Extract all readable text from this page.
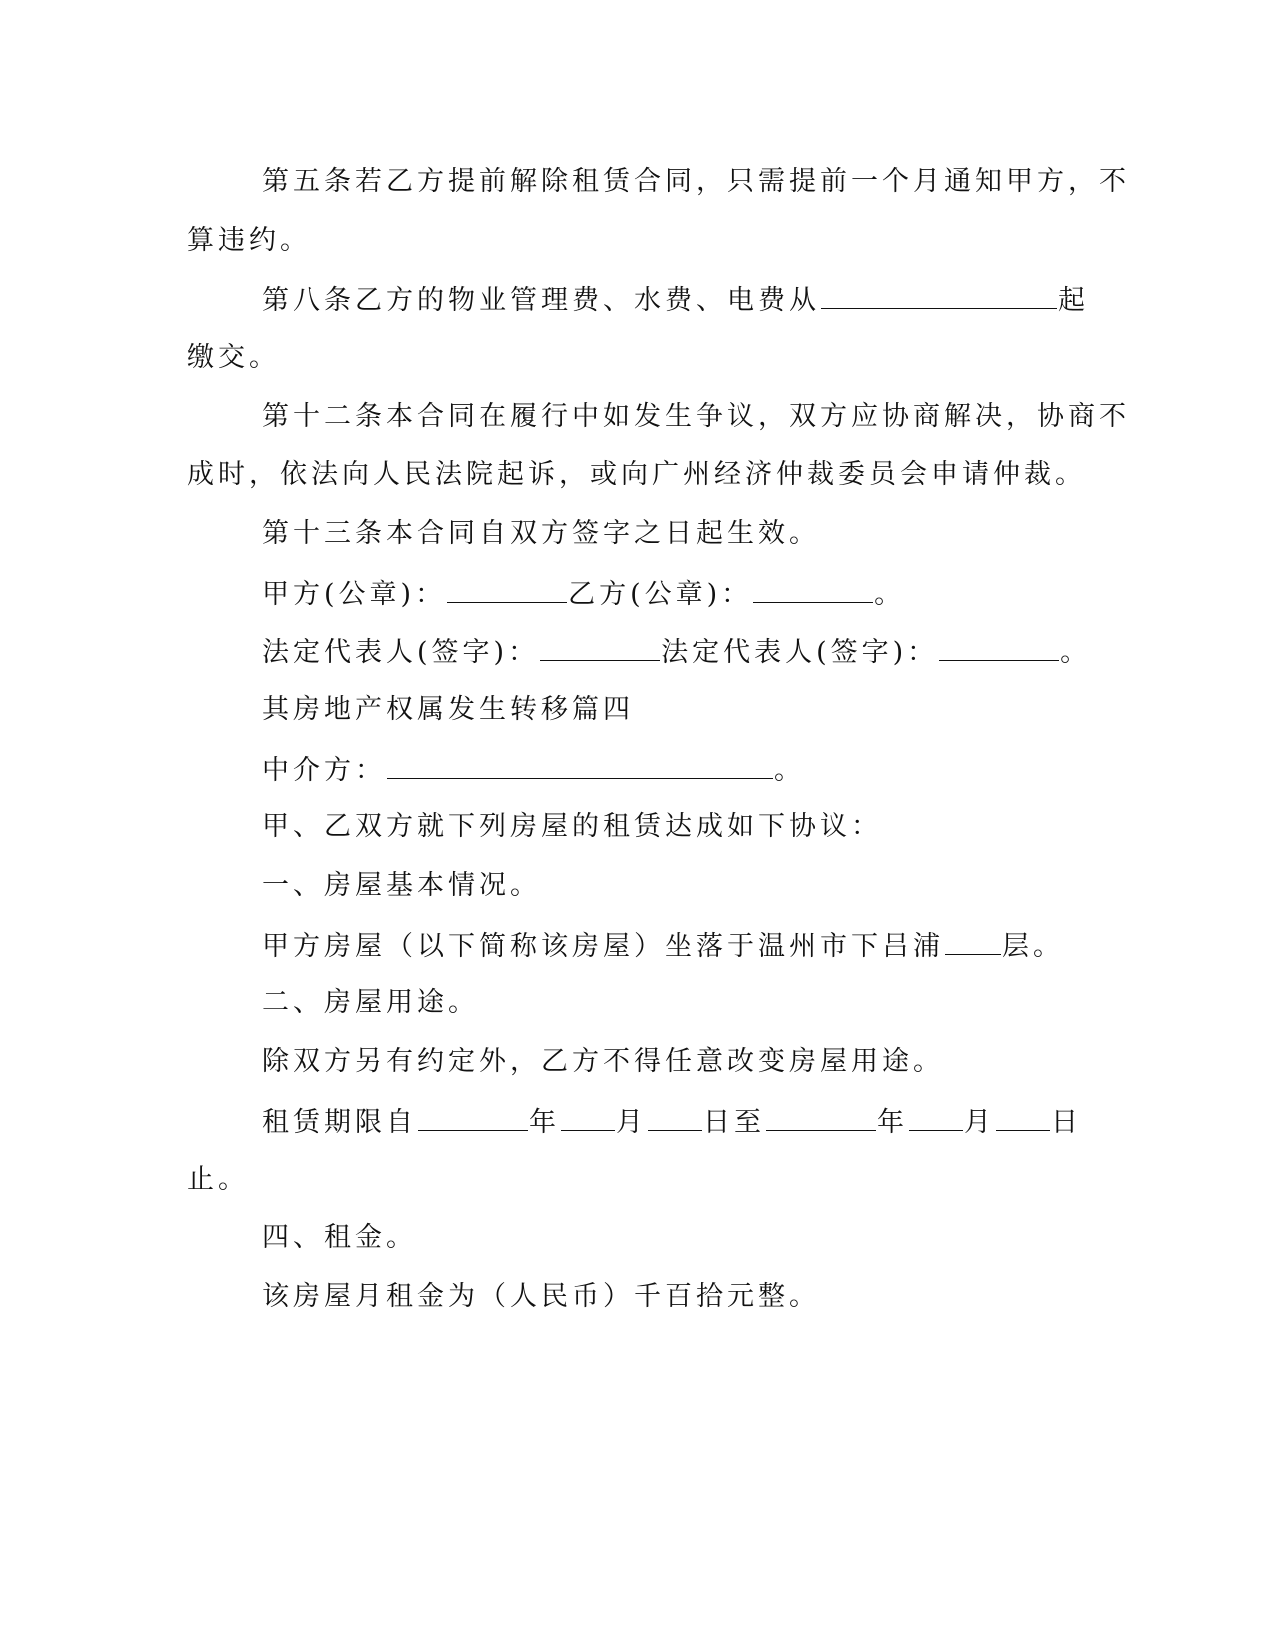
第五条若乙方提前解除租赁合同，只需提前一个月通知甲方，不
算违约。
第八条乙方的物业管理费、水费、电费从	起
缴交。
第十二条本合同在履行中如发生争议，双方应协商解决，协商不
成时，依法向人民法院起诉，或向广州经济仲裁委员会申请仲裁。
第十三条本合同自双方签字之日起生效。
甲方(公章)：	乙方(公章)：	。
法定代表人(签字)：	法定代表人(签字)：	。
其房地产权属发生转移篇四
中介方：	。
甲、乙双方就下列房屋的租赁达成如下协议：
一、房屋基本情况。
甲方房屋（以下简称该房屋）坐落于温州市下吕浦 层。
二、房屋用途。
除双方另有约定外，乙方不得任意改变房屋用途。
租赁期限自	年 月 日至	年 月 日
止。
四、租金。
该房屋月租金为（人民币）千百拾元整。
